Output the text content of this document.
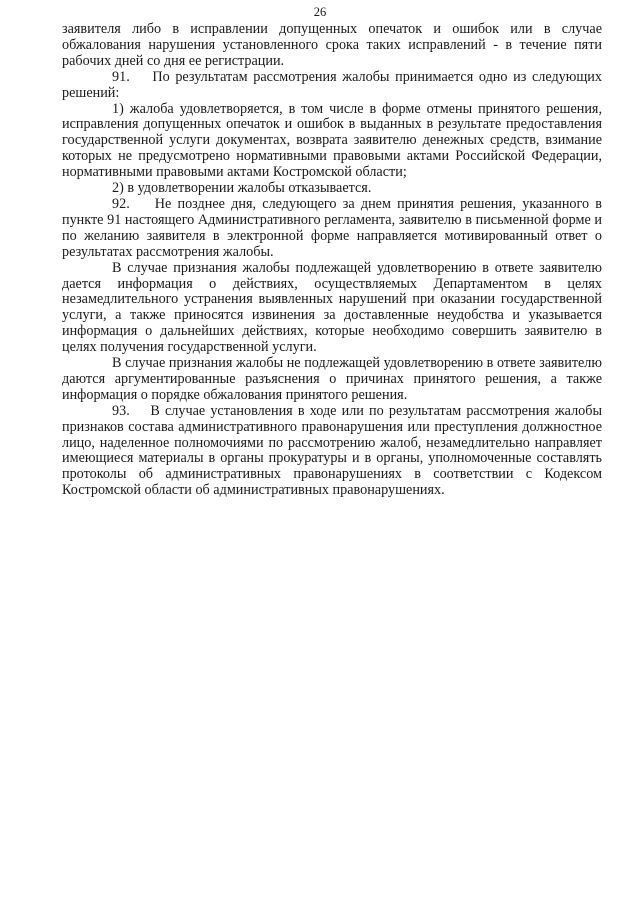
26

заявителя либо в исправлении допущенных опечаток и ошибок или в случае обжалования нарушения установленного срока таких исправлений - в течение пяти рабочих дней со дня ее регистрации.

91.    По результатам рассмотрения жалобы принимается одно из следующих решений:

1) жалоба удовлетворяется, в том числе в форме отмены принятого решения, исправления допущенных опечаток и ошибок в выданных в результате предоставления государственной услуги документах, возврата заявителю денежных средств, взимание которых не предусмотрено нормативными правовыми актами Российской Федерации, нормативными правовыми актами Костромской области;

2) в удовлетворении жалобы отказывается.

92.    Не позднее дня, следующего за днем принятия решения, указанного в пункте 91 настоящего Административного регламента, заявителю в письменной форме и по желанию заявителя в электронной форме направляется мотивированный ответ о результатах рассмотрения жалобы.

В случае признания жалобы подлежащей удовлетворению в ответе заявителю дается информация о действиях, осуществляемых Департаментом в целях незамедлительного устранения выявленных нарушений при оказании государственной услуги, а также приносятся извинения за доставленные неудобства и указывается информация о дальнейших действиях, которые необходимо совершить заявителю в целях получения государственной услуги.

В случае признания жалобы не подлежащей удовлетворению в ответе заявителю даются аргументированные разъяснения о причинах принятого решения, а также информация о порядке обжалования принятого решения.

93.    В случае установления в ходе или по результатам рассмотрения жалобы признаков состава административного правонарушения или преступления должностное лицо, наделенное полномочиями по рассмотрению жалоб, незамедлительно направляет имеющиеся материалы в органы прокуратуры и в органы, уполномоченные составлять протоколы об административных правонарушениях в соответствии с Кодексом Костромской области об административных правонарушениях.
